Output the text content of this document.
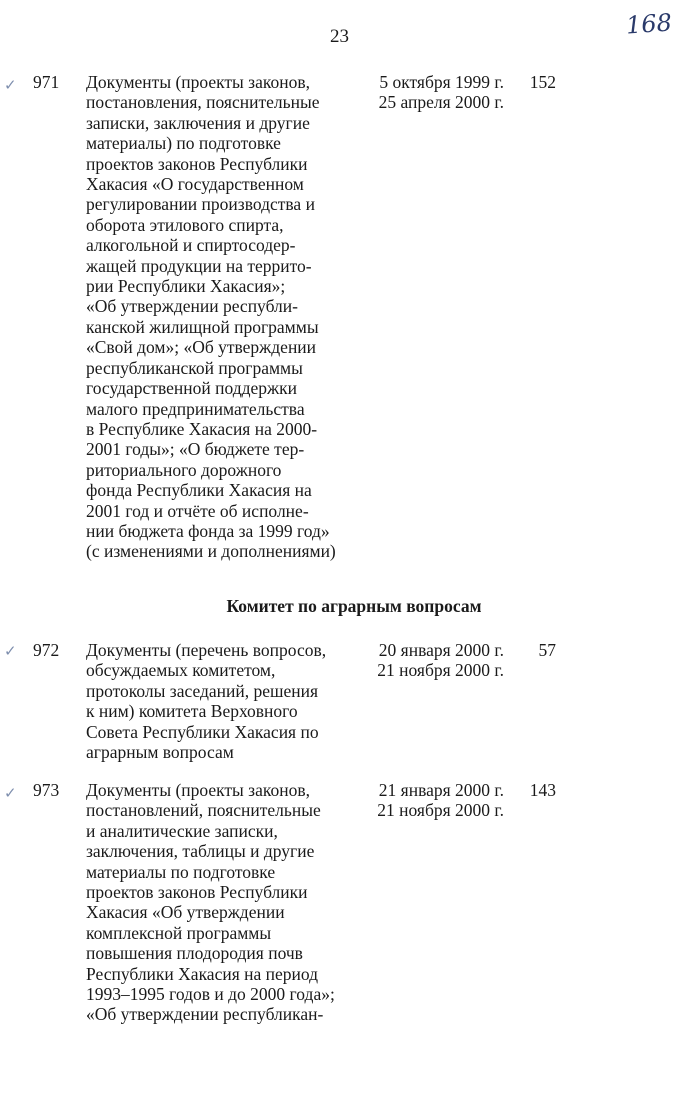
23	168
✓ 971 Документы (проекты законов,
постановления, пояснительные
записки, заключения и другие
материалы) по подготовке
проектов законов Республики
Хакасия «О государственном
регулировании производства и
оборота этилового спирта,
алкогольной и спиртосодер-
жащей продукции на террито-
рии Республики Хакасия»;
«Об утверждении республи-
канской жилищной программы
«Свой дом»; «Об утверждении
республиканской программы
государственной поддержки
малого предпринимательства
в Республике Хакасия на 2000-
2001 годы»; «О бюджете тер-
риториального дорожного
фонда Республики Хакасия на
2001 год и отчёте об исполне-
нии бюджета фонда за 1999 год»
(с изменениями и дополнениями)
5 октября 1999 г.
25 апреля 2000 г.
152
Комитет по аграрным вопросам
✓ 972 Документы (перечень вопросов,
обсуждаемых комитетом,
протоколы заседаний, решения
к ним) комитета Верховного
Совета Республики Хакасия по
аграрным вопросам
20 января 2000 г.
21 ноября 2000 г.
57
✓ 973 Документы (проекты законов,
постановлений, пояснительные
и аналитические записки,
заключения, таблицы и другие
материалы по подготовке
проектов законов Республики
Хакасия «Об утверждении
комплексной программы
повышения плодородия почв
Республики Хакасия на период
1993–1995 годов и до 2000 года»;
«Об утверждении республикан-
21 января 2000 г.
21 ноября 2000 г.
143
